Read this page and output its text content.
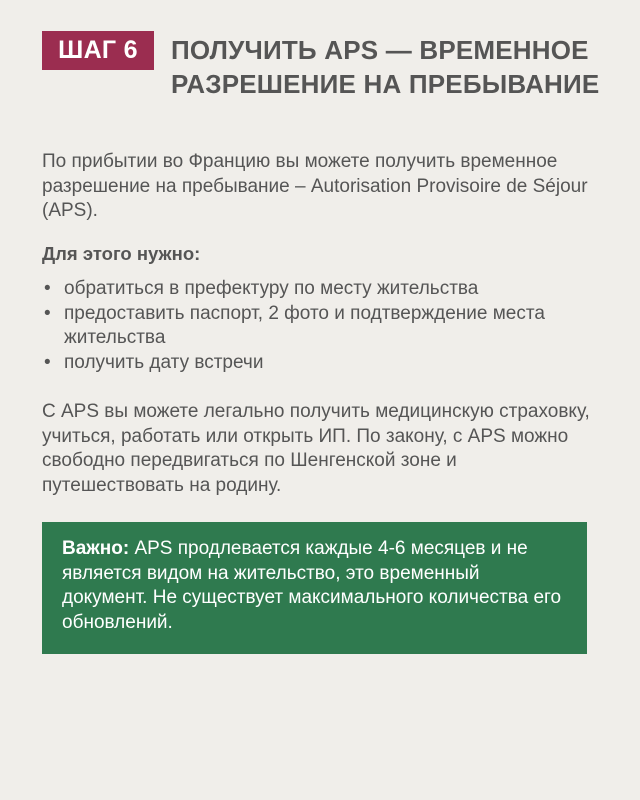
ШАГ 6	ПОЛУЧИТЬ APS — ВРЕМЕННОЕ РАЗРЕШЕНИЕ НА ПРЕБЫВАНИЕ

По прибытии во Францию вы можете получить временное разрешение на пребывание – Autorisation Provisoire de Séjour (APS).

Для этого нужно:

• обратиться в префектуру по месту жительства
• предоставить паспорт, 2 фото и подтверждение места жительства
• получить дату встречи

С APS вы можете легально получить медицинскую страховку, учиться, работать или открыть ИП. По закону, с APS можно свободно передвигаться по Шенгенской зоне и путешествовать на родину.

Важно: APS продлевается каждые 4-6 месяцев и не является видом на жительство, это временный документ. Не существует максимального количества его обновлений.
